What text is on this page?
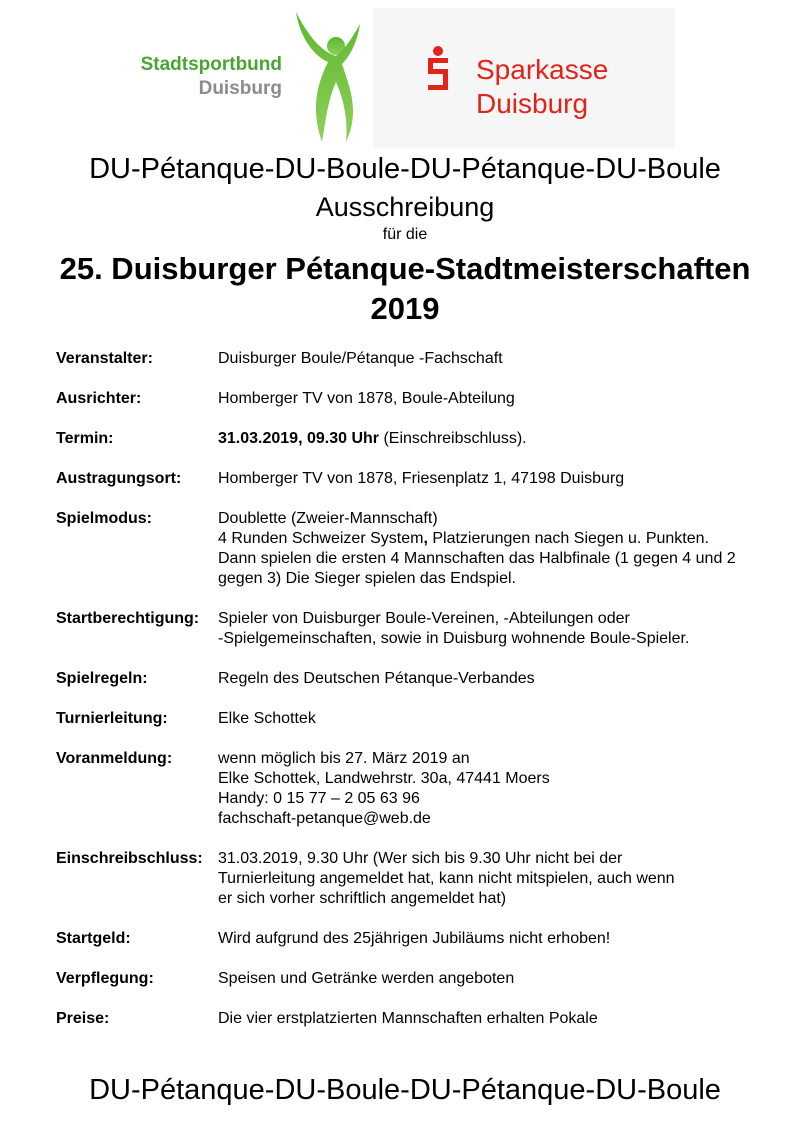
Stadtsportbund
Duisburg
Sparkasse
Duisburg
DU-Pétanque-DU-Boule-DU-Pétanque-DU-Boule
Ausschreibung
für die
25. Duisburger Pétanque-Stadtmeisterschaften
2019
Veranstalter:	Duisburger Boule/Pétanque -Fachschaft
Ausrichter:	Homberger TV von 1878, Boule-Abteilung
Termin:	31.03.2019, 09.30 Uhr (Einschreibschluss).
Austragungsort:	Homberger TV von 1878, Friesenplatz 1, 47198 Duisburg
Spielmodus:	Doublette (Zweier-Mannschaft)
4 Runden Schweizer System, Platzierungen nach Siegen u. Punkten.
Dann spielen die ersten 4 Mannschaften das Halbfinale (1 gegen 4 und 2
gegen 3) Die Sieger spielen das Endspiel.
Startberechtigung:	Spieler von Duisburger Boule-Vereinen, -Abteilungen oder
-Spielgemeinschaften, sowie in Duisburg wohnende Boule-Spieler.
Spielregeln:	Regeln des Deutschen Pétanque-Verbandes
Turnierleitung:	Elke Schottek
Voranmeldung:	wenn möglich bis 27. März 2019 an
Elke Schottek, Landwehrstr. 30a, 47441 Moers
Handy: 0 15 77 – 2 05 63 96
fachschaft-petanque@web.de
Einschreibschluss: 31.03.2019, 9.30 Uhr (Wer sich bis 9.30 Uhr nicht bei der
Turnierleitung angemeldet hat, kann nicht mitspielen, auch wenn
er sich vorher schriftlich angemeldet hat)
Startgeld:	Wird aufgrund des 25jährigen Jubiläums nicht erhoben!
Verpflegung:	Speisen und Getränke werden angeboten
Preise:	Die vier erstplatzierten Mannschaften erhalten Pokale
DU-Pétanque-DU-Boule-DU-Pétanque-DU-Boule
